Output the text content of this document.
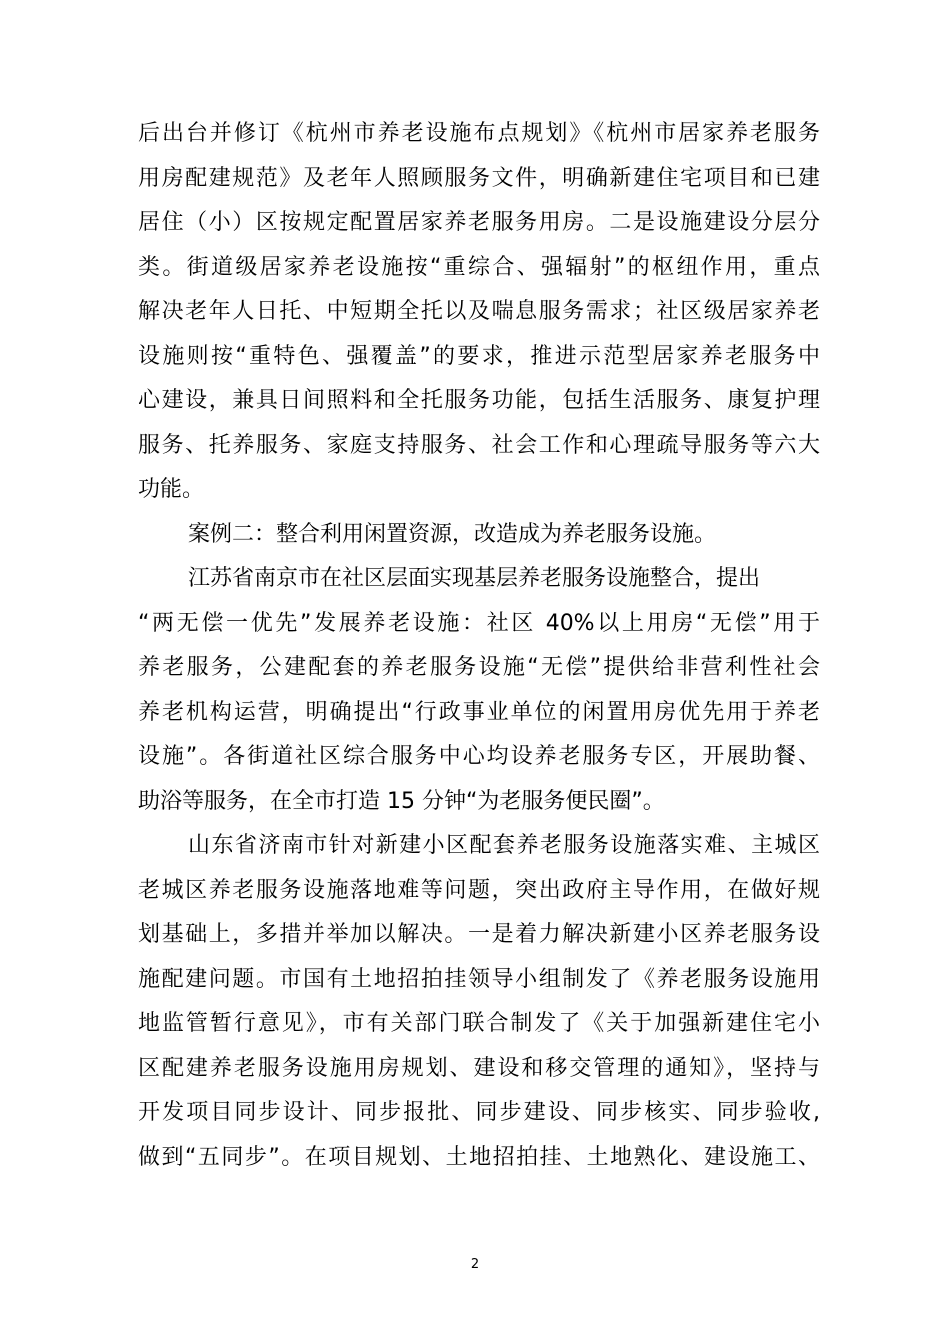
后出台并修订《杭州市养老设施布点规划》《杭州市居家养老服务
用房配建规范》及老年人照顾服务文件，明确新建住宅项目和已建
居住（小）区按规定配置居家养老服务用房。二是设施建设分层分
类。街道级居家养老设施按“重综合、强辐射”的枢纽作用，重点
解决老年人日托、中短期全托以及喘息服务需求；社区级居家养老
设施则按“重特色、强覆盖”的要求，推进示范型居家养老服务中
心建设，兼具日间照料和全托服务功能，包括生活服务、康复护理
服务、托养服务、家庭支持服务、社会工作和心理疏导服务等六大
功能。
案例二：整合利用闲置资源，改造成为养老服务设施。
江苏省南京市在社区层面实现基层养老服务设施整合，提出
“两无偿一优先”发展养老设施：社区 40%以上用房“无偿”用于
养老服务，公建配套的养老服务设施“无偿”提供给非营利性社会
养老机构运营，明确提出“行政事业单位的闲置用房优先用于养老
设施”。各街道社区综合服务中心均设养老服务专区，开展助餐、
助浴等服务，在全市打造 15 分钟“为老服务便民圈”。
山东省济南市针对新建小区配套养老服务设施落实难、主城区
老城区养老服务设施落地难等问题，突出政府主导作用，在做好规
划基础上，多措并举加以解决。一是着力解决新建小区养老服务设
施配建问题。市国有土地招拍挂领导小组制发了《养老服务设施用
地监管暂行意见》，市有关部门联合制发了《关于加强新建住宅小
区配建养老服务设施用房规划、建设和移交管理的通知》，坚持与
开发项目同步设计、同步报批、同步建设、同步核实、同步验收,
做到“五同步”。在项目规划、土地招拍挂、土地熟化、建设施工、
2
